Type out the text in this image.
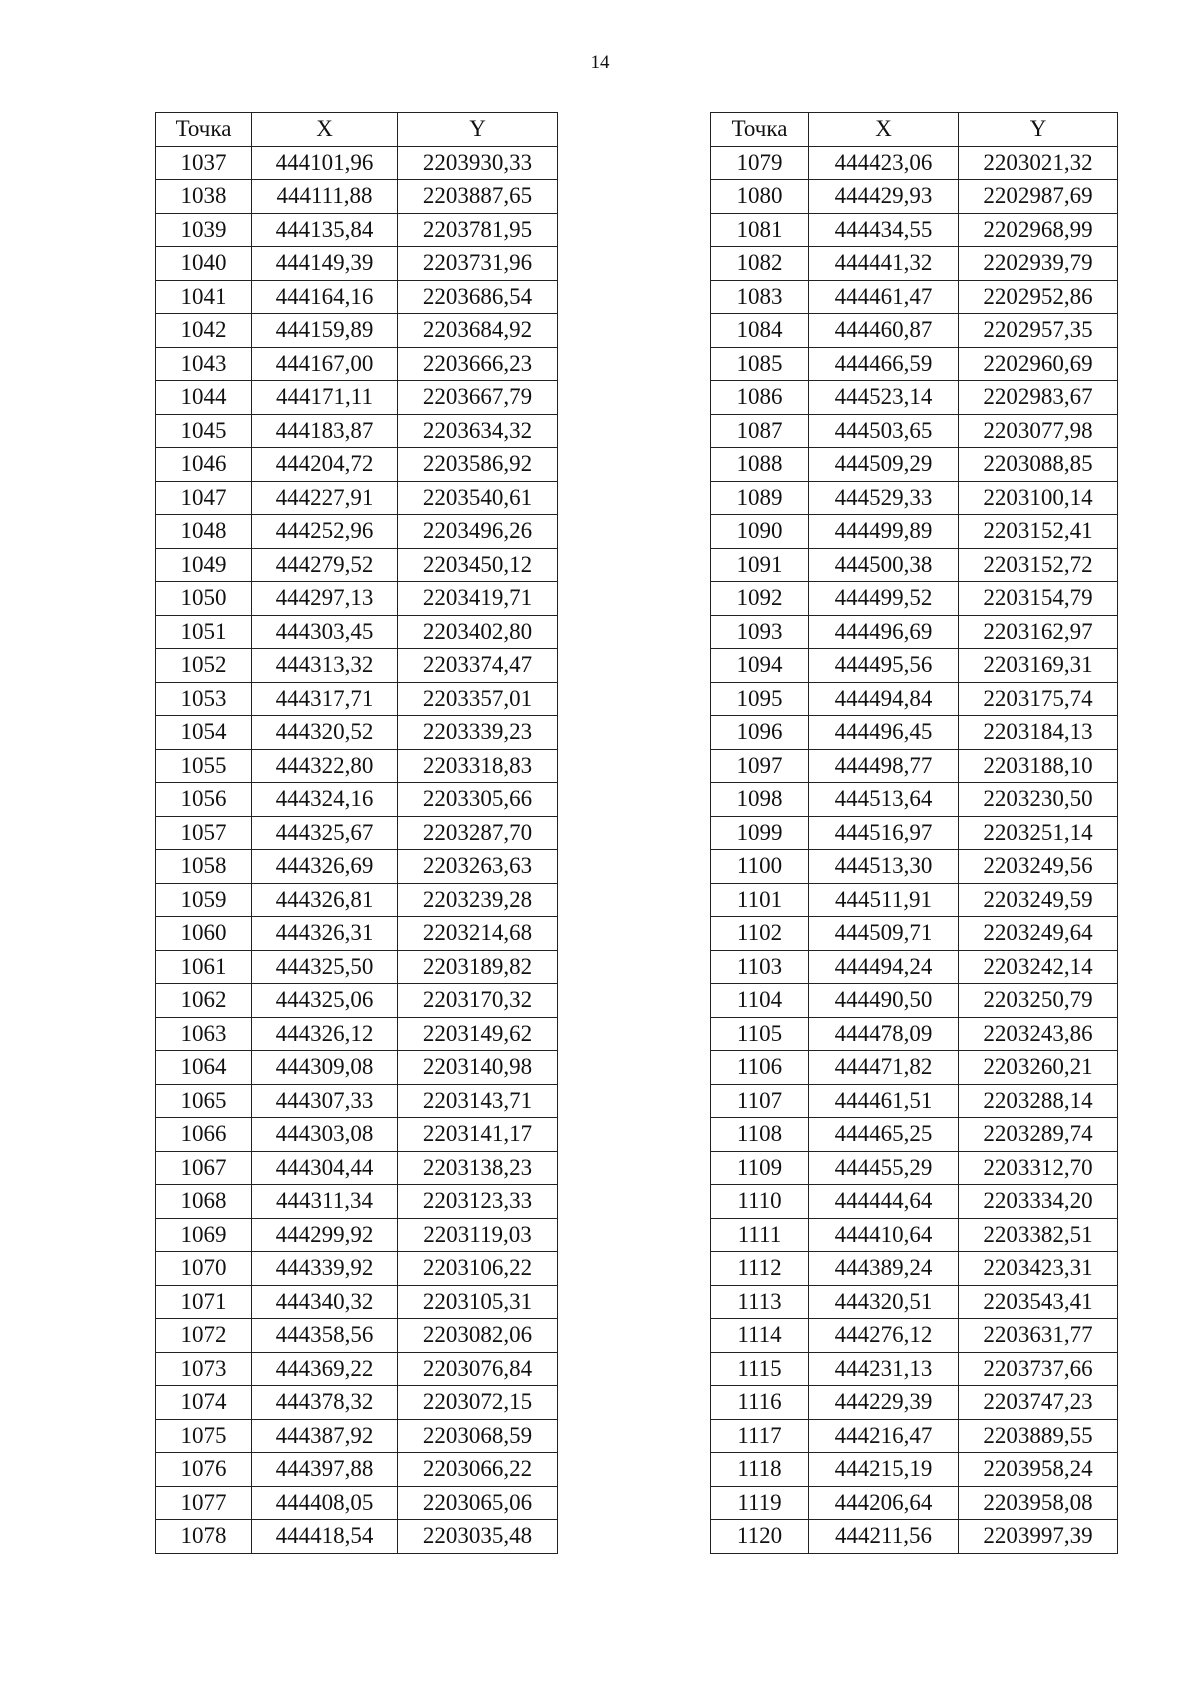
14
Точка	X	Y
1037	444101,96	2203930,33
1038	444111,88	2203887,65
1039	444135,84	2203781,95
1040	444149,39	2203731,96
1041	444164,16	2203686,54
1042	444159,89	2203684,92
1043	444167,00	2203666,23
1044	444171,11	2203667,79
1045	444183,87	2203634,32
1046	444204,72	2203586,92
1047	444227,91	2203540,61
1048	444252,96	2203496,26
1049	444279,52	2203450,12
1050	444297,13	2203419,71
1051	444303,45	2203402,80
1052	444313,32	2203374,47
1053	444317,71	2203357,01
1054	444320,52	2203339,23
1055	444322,80	2203318,83
1056	444324,16	2203305,66
1057	444325,67	2203287,70
1058	444326,69	2203263,63
1059	444326,81	2203239,28
1060	444326,31	2203214,68
1061	444325,50	2203189,82
1062	444325,06	2203170,32
1063	444326,12	2203149,62
1064	444309,08	2203140,98
1065	444307,33	2203143,71
1066	444303,08	2203141,17
1067	444304,44	2203138,23
1068	444311,34	2203123,33
1069	444299,92	2203119,03
1070	444339,92	2203106,22
1071	444340,32	2203105,31
1072	444358,56	2203082,06
1073	444369,22	2203076,84
1074	444378,32	2203072,15
1075	444387,92	2203068,59
1076	444397,88	2203066,22
1077	444408,05	2203065,06
1078	444418,54	2203035,48
Точка	X	Y
1079	444423,06	2203021,32
1080	444429,93	2202987,69
1081	444434,55	2202968,99
1082	444441,32	2202939,79
1083	444461,47	2202952,86
1084	444460,87	2202957,35
1085	444466,59	2202960,69
1086	444523,14	2202983,67
1087	444503,65	2203077,98
1088	444509,29	2203088,85
1089	444529,33	2203100,14
1090	444499,89	2203152,41
1091	444500,38	2203152,72
1092	444499,52	2203154,79
1093	444496,69	2203162,97
1094	444495,56	2203169,31
1095	444494,84	2203175,74
1096	444496,45	2203184,13
1097	444498,77	2203188,10
1098	444513,64	2203230,50
1099	444516,97	2203251,14
1100	444513,30	2203249,56
1101	444511,91	2203249,59
1102	444509,71	2203249,64
1103	444494,24	2203242,14
1104	444490,50	2203250,79
1105	444478,09	2203243,86
1106	444471,82	2203260,21
1107	444461,51	2203288,14
1108	444465,25	2203289,74
1109	444455,29	2203312,70
1110	444444,64	2203334,20
1111	444410,64	2203382,51
1112	444389,24	2203423,31
1113	444320,51	2203543,41
1114	444276,12	2203631,77
1115	444231,13	2203737,66
1116	444229,39	2203747,23
1117	444216,47	2203889,55
1118	444215,19	2203958,24
1119	444206,64	2203958,08
1120	444211,56	2203997,39
